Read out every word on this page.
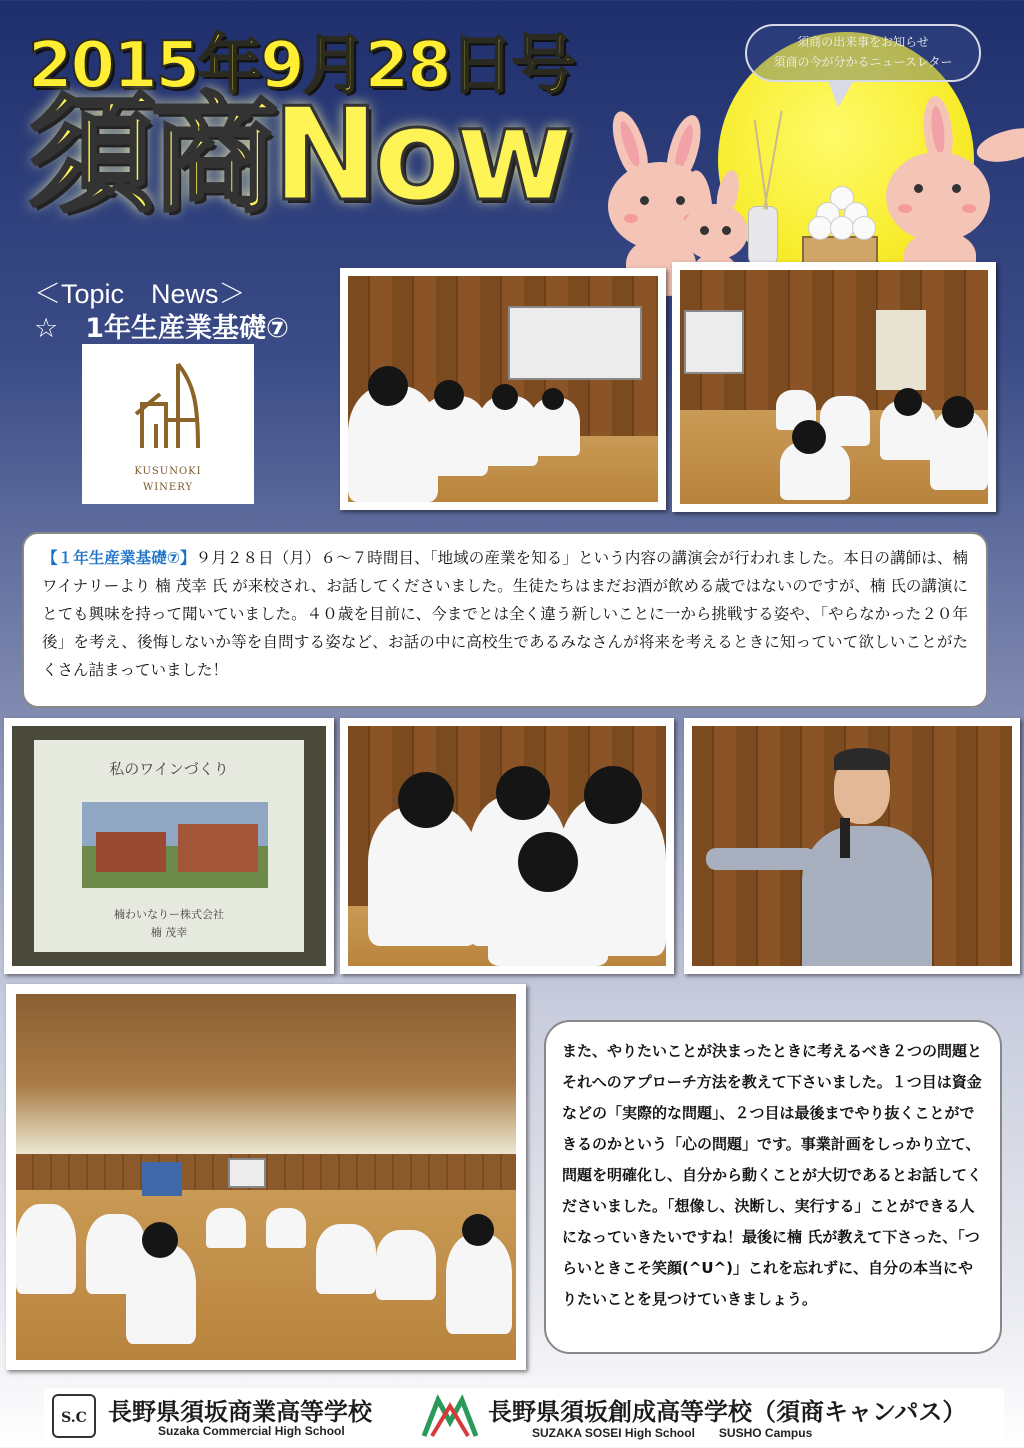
須商の出来事をお知らせ
須商の今が分かるニュースレター
2015年9月28日号
須商Now
＜Topic　News＞
☆　1年生産業基礎⑦
KUSUNOKI
WINERY
【１年生産業基礎⑦】９月２８日（月）６～７時間目、「地域の産業を知る」という内容の講演会が行われました。本日の講師は、楠ワイナリーより 楠 茂幸 氏 が来校され、お話してくださいました。生徒たちはまだお酒が飲める歳ではないのですが、楠 氏の講演にとても興味を持って聞いていました。４０歳を目前に、今までとは全く違う新しいことに一から挑戦する姿や、「やらなかった２０年後」を考え、後悔しないか等を自問する姿など、お話の中に高校生であるみなさんが将来を考えるときに知っていて欲しいことがたくさん詰まっていました！
私のワインづくり
楠わいなりー株式会社
楠 茂幸
また、やりたいことが決まったときに考えるべき２つの問題とそれへのアプローチ方法を教えて下さいました。１つ目は資金などの「実際的な問題」、２つ目は最後までやり抜くことができるのかという「心の問題」です。事業計画をしっかり立て、問題を明確化し、自分から動くことが大切であるとお話してくださいました。「想像し、決断し、実行する」ことができる人になっていきたいですね！最後に楠 氏が教えて下さった、「つらいときこそ笑顔(^U^)」これを忘れずに、自分の本当にやりたいことを見つけていきましょう。
S.C 長野県須坂商業高等学校
Suzaka Commercial High School
長野県須坂創成高等学校（須商キャンパス）
SUZAKA SOSEI High School　　SUSHO Campus
